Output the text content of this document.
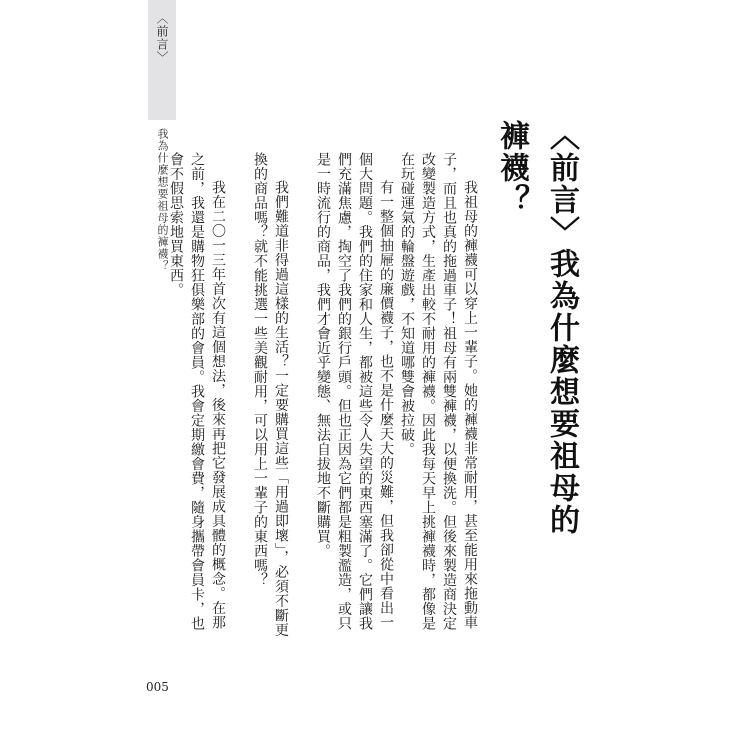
〈前言〉
我為什麼想要祖母的褲襪？
005
〈前言〉我為什麼想要祖母的褲襪？

我祖母的褲襪可以穿上一輩子。她的褲襪非常耐用，甚至能用來拖動車子，而且也真的拖過車子！祖母有兩雙褲襪，以便換洗。但後來製造商決定改變製造方式，生產出較不耐用的褲襪。因此我每天早上挑褲襪時，都像是在玩碰運氣的輪盤遊戲，不知道哪雙會被拉破。

有一整個抽屜的廉價襪子，也不是什麼天大的災難，但我卻從中看出一個大問題。我們的住家和人生，都被這些令人失望的東西塞滿了。它們讓我們充滿焦慮，掏空了我們的銀行戶頭。但也正因為它們都是粗製濫造，或只是一時流行的商品，我們才會近乎變態、無法自拔地不斷購買。

我們難道非得過這樣的生活？一定要購買這些「用過即壞」，必須不斷更換的商品嗎？就不能挑選一些美觀耐用，可以用上一輩子的東西嗎？

我在二〇一三年首次有這個想法，後來再把它發展成具體的概念。在那之前，我還是購物狂俱樂部的會員。我會定期繳會費，隨身攜帶會員卡，也會不假思索地買東西。
